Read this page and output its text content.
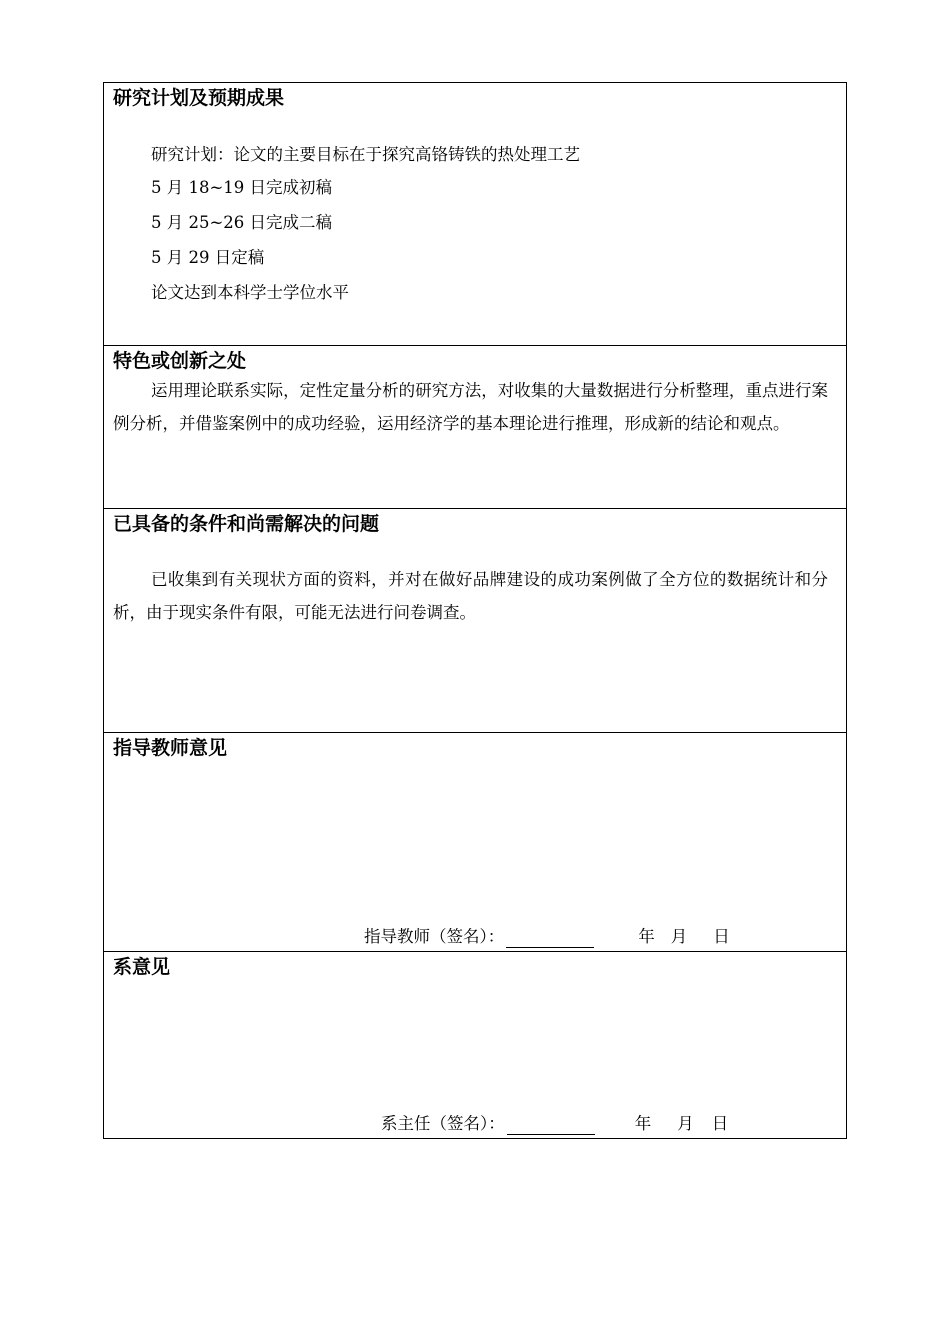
研究计划及预期成果
研究计划：论文的主要目标在于探究高铬铸铁的热处理工艺
5 月 18~19 日完成初稿
5 月 25~26 日完成二稿
5 月 29 日定稿
论文达到本科学士学位水平
特色或创新之处

运用理论联系实际，定性定量分析的研究方法，对收集的大量数据进行分析整理，重点进行案例分析，并借鉴案例中的成功经验，运用经济学的基本理论进行推理，形成新的结论和观点。

已具备的条件和尚需解决的问题

已收集到有关现状方面的资料，并对在做好品牌建设的成功案例做了全方位的数据统计和分析，由于现实条件有限，可能无法进行问卷调查。

指导教师意见
指导教师（签名）：	年 月 日
系意见
系主任（签名）：	年 月 日
